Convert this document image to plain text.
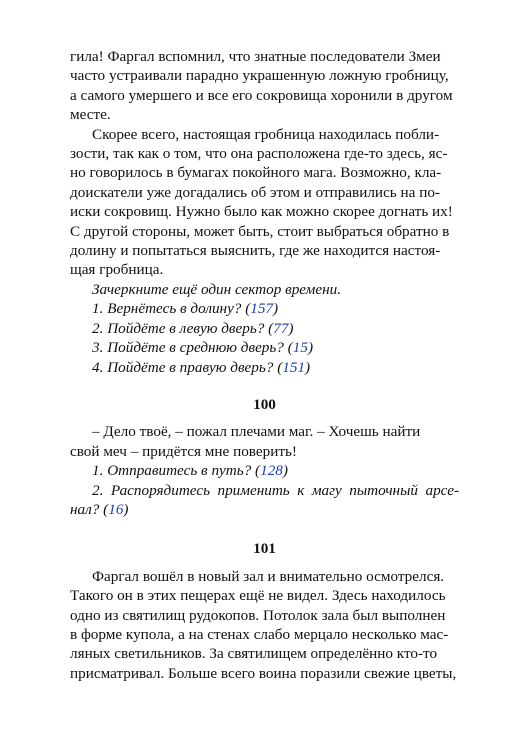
гила! Фаргал вспомнил, что знатные последователи Змеи

часто устраивали парадно украшенную ложную гробницу,

а самого умершего и все его сокровища хоронили в другом

месте.

Скорее всего, настоящая гробница находилась побли-

зости, так как о том, что она расположена где-то здесь, яс-

но говорилось в бумагах покойного мага. Возможно, кла-

доискатели уже догадались об этом и отправились на по-

иски сокровищ. Нужно было как можно скорее догнать их!

С другой стороны, может быть, стоит выбраться обратно в

долину и попытаться выяснить, где же находится настоя-

щая гробница.

Зачеркните ещё один сектор времени.

1. Вернётесь в долину? (157)

2. Пойдёте в левую дверь? (77)

3. Пойдёте в среднюю дверь? (15)

4. Пойдёте в правую дверь? (151)

100

– Дело твоё, – пожал плечами маг. – Хочешь найти

свой меч – придётся мне поверить!

1. Отправитесь в путь? (128)

2. Распорядитесь применить к магу пыточный арсе-

нал? (16)

101

Фаргал вошёл в новый зал и внимательно осмотрелся.

Такого он в этих пещерах ещё не видел. Здесь находилось

одно из святилищ рудокопов. Потолок зала был выполнен

в форме купола, а на стенах слабо мерцало несколько мас-

ляных светильников. За святилищем определённо кто-то

присматривал. Больше всего воина поразили свежие цветы,
